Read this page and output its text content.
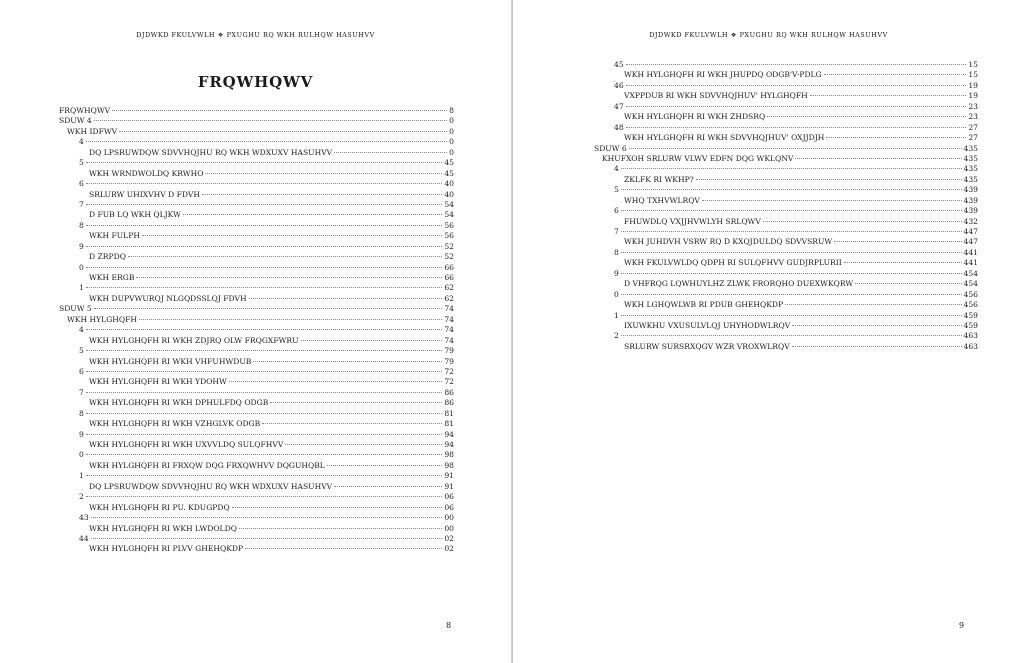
DJDWKD FKULVWLH ❖ PXUGHU RQ WKH RULHQW HASUHVV
FRQWHQWV
FRQWHQWV	8
SDUW 4	0
WKH IDFWV	0
4	0
DQ LPSRUWDQW SDVVHQJHU RQ WKH WDXUXV HASUHVV	0
5	45
WKH WRNDWOLDQ KRWHO	45
6	40
SRLURW UHIXVHV D FDVH	40
7	54
D FUB LQ WKH QLJKW	54
8	56
WKH FULPH	56
9	52
D ZRPDQ	52
0	66
WKH ERGB	66
1	62
WKH DUPVWURQJ NLGQDSSLQJ FDVH	62
SDUW 5	74
WKH HYLGHQFH	74
4	74
WKH HYLGHQFH RI WKH ZDJRQ OLW FRQGXFWRU	74
5	79
WKH HYLGHQFH RI WKH VHFUHWDUB	79
6	72
WKH HYLGHQFH RI WKH YDOHW	72
7	86
WKH HYLGHQFH RI WKH DPHULFDQ ODGB	86
8	81
WKH HYLGHQFH RI WKH VZHGLVK ODGB	81
9	94
WKH HYLGHQFH RI WKH UXVVLDQ SULQFHVV	94
0	98
WKH HYLGHQFH RI FRXQW DQG FRXQWHVV DQGUHQBL	98
1	91
DQ LPSRUWDQW SDVVHQJHU RQ WKH WDXUXV HASUHVV	91
2	06
WKH HYLGHQFH RI PU. KDUGPDQ	06
43	00
WKH HYLGHQFH RI WKH LWDOLDQ	00
44	02
WKH HYLGHQFH RI PLVV GHEHQKDP	02
8
DJDWKD FKULVWLH ❖ PXUGHU RQ WKH RULHQW HASUHVV
45	15
WKH HYLGHQFH RI WKH JHUPDQ ODGB'V-PDLG	15
46	19
VXPPDUB RI WKH SDVVHQJHUV' HYLGHQFH	19
47	23
WKH HYLGHQFH RI WKH ZHDSRQ	23
48	27
WKH HYLGHQFH RI WKH SDVVHQJHUV' OXJJDJH	27
SDUW 6	435
KHUFXOH SRLURW VLWV EDFN DQG WKLQNV	435
4	435
ZKLFK RI WKHP?	435
5	439
WHQ TXHVWLRQV	439
6	439
FHUWDLQ VXJJHVWLYH SRLQWV	432
7	447
WKH JUHDVH VSRW RQ D KXQJDULDQ SDVVSRUW	447
8	441
WKH FKULVWLDQ QDPH RI SULQFHVV GUDJRPLURII	441
9	454
D VHFRQG LQWHUYLHZ ZLWK FRORQHO DUEXWKQRW	454
0	456
WKH LGHQWLWB RI PDUB GHEHQKDP	456
1	459
IXUWKHU VXUSULVLQJ UHYHODWLRQV	459
2	463
SRLURW SURSRXQGV WZR VROXWLRQV	463
9
